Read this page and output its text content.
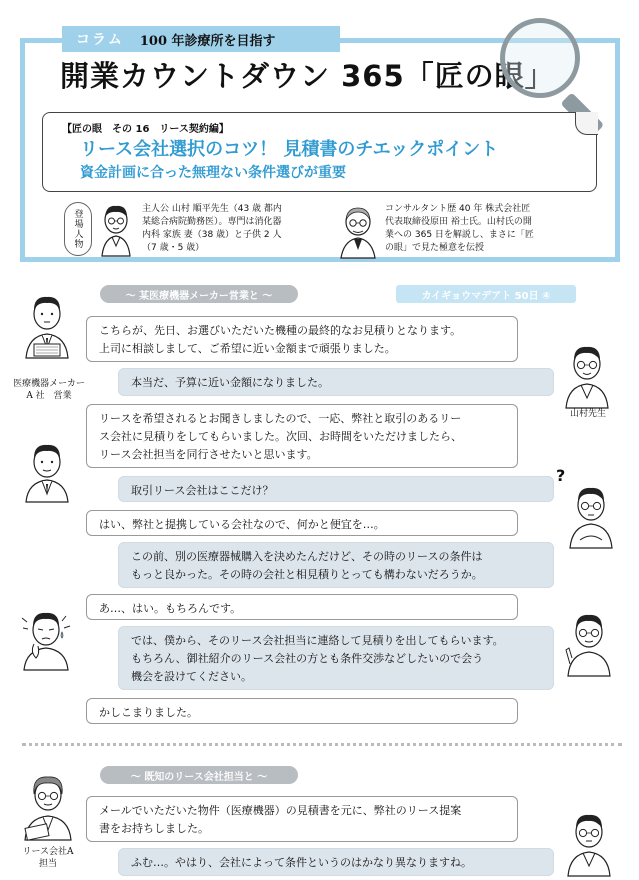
コラム 100 年診療所を目指す
開業カウントダウン 365「匠の眼」
【匠の眼　その 16　リース契約編】
リース会社選択のコツ！ 見積書のチエックポイント
資金計画に合った無理ない条件選びが重要
登場人物	主人公 山村 順平先生（43 歳 都内
某総合病院勤務医）。専門は消化器
内科 家族 妻（38 歳）と子供 2 人
（7 歳・5 歳）
コンサルタント歴 40 年 株式会社匠
代表取締役原田 裕士氏。山村氏の開
業への 365 日を解説し、まさに「匠
の眼」で見た極意を伝授
～ 某医療機器メーカー営業と ～	カイギョウマデアト 50日 ④
医療機器メーカー
A 社　営業
こちらが、先日、お選びいただいた機種の最終的なお見積りとなります。
上司に相談しまして、ご希望に近い金額まで頑張りました。
山村先生
本当だ、予算に近い金額になりました。
リースを希望されるとお聞きしましたので、一応、弊社と取引のあるリー
ス会社に見積りをしてもらいました。次回、お時間をいただけましたら、
リース会社担当を同行させたいと思います。
取引リース会社はここだけ？
?
はい、弊社と提携している会社なので、何かと便宜を…。
この前、別の医療器械購入を決めたんだけど、その時のリースの条件は
もっと良かった。その時の会社と相見積りとっても構わないだろうか。
あ…、はい。もちろんです。
では、僕から、そのリース会社担当に連絡して見積りを出してもらいます。
もちろん、御社紹介のリース会社の方とも条件交渉などしたいので会う
機会を設けてください。
かしこまりました。
～ 既知のリース会社担当と ～
リース会社A
担当
メールでいただいた物件（医療機器）の見積書を元に、弊社のリース提案
書をお持ちしました。
ふむ…。やはり、会社によって条件というのはかなり異なりますね。
